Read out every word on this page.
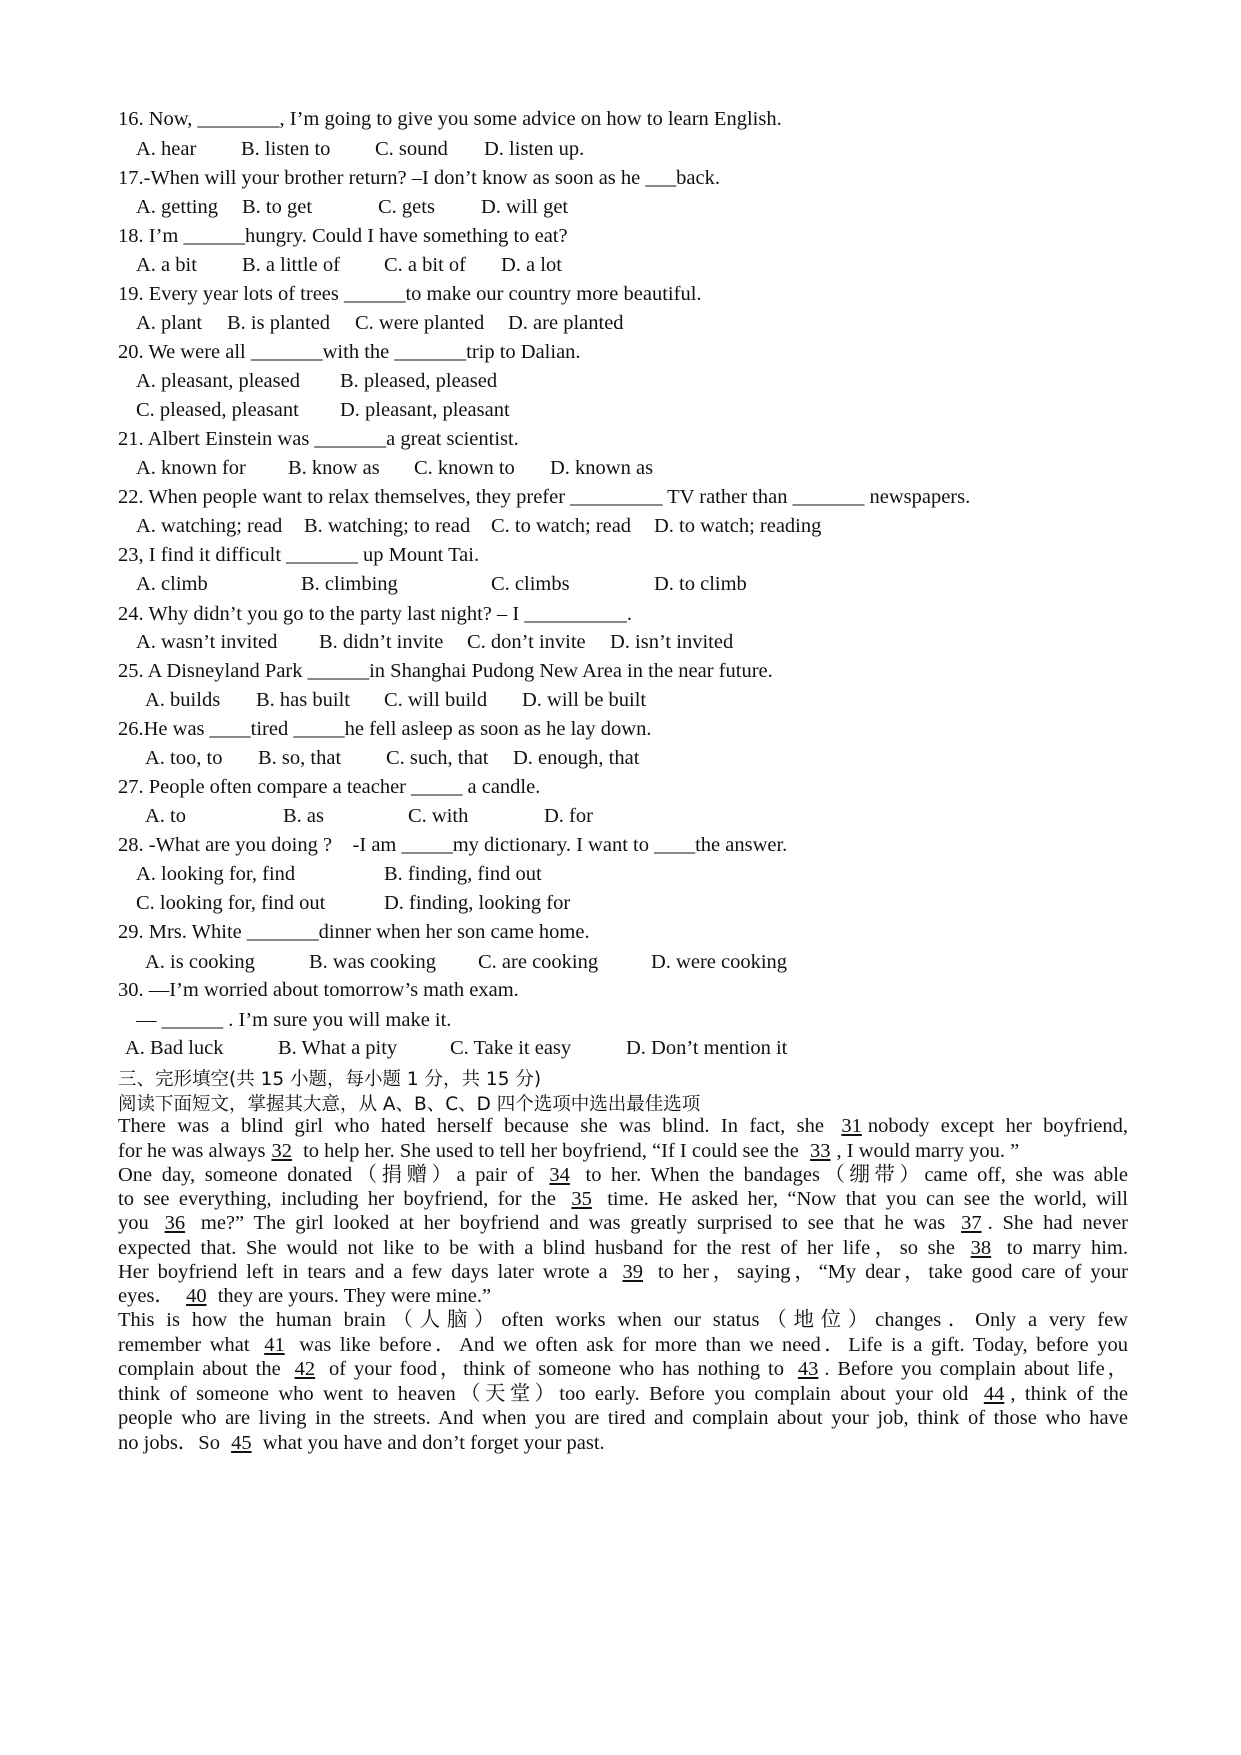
16. Now, ________, I’m going to give you some advice on how to learn English.
A. hear B. listen to C. sound D. listen up.
17.-When will your brother return? –I don’t know as soon as he ___back.
A. getting B. to get	C. gets D. will get
18. I’m ______hungry. Could I have something to eat?
A. a bit B. a little of C. a bit of D. a lot
19. Every year lots of trees ______to make our country more beautiful.
A. plant B. is planted C. were planted D. are planted
20. We were all _______with the _______trip to Dalian.
A. pleasant, pleased B. pleased, pleased
C. pleased, pleasant D. pleasant, pleasant
21. Albert Einstein was _______a great scientist.
A. known for B. know as C. known to D. known as
22. When people want to relax themselves, they prefer _________ TV rather than _______ newspapers.
A. watching; read B. watching; to read C. to watch; read D. to watch; reading
23, I find it difficult _______ up Mount Tai.
A. climb	B. climbing	C. climbs	D. to climb
24. Why didn’t you go to the party last night? – I __________.
A. wasn’t invited B. didn’t invite C. don’t invite D. isn’t invited
25. A Disneyland Park ______in Shanghai Pudong New Area in the near future.
A. builds B. has built C. will build D. will be built
26.He was ____tired _____he fell asleep as soon as he lay down.
A. too, to B. so, that C. such, that D. enough, that
27. People often compare a teacher _____ a candle.
A. to	B. as	C. with	D. for
28. -What are you doing ?    -I am _____my dictionary. I want to ____the answer.
A. looking for, find	B. finding, find out
C. looking for, find out	D. finding, looking for
29. Mrs. White _______dinner when her son came home.
A. is cooking	B. was cooking C. are cooking	D. were cooking
30. —I’m worried about tomorrow’s math exam.
— ______ . I’m sure you will make it.
A. Bad luck	B. What a pity	C. Take it easy	D. Don’t mention it
三、完形填空(共 15 小题，每小题 1 分，共 15 分)
阅读下面短文，掌握其大意，从 A、B、C、D 四个选项中选出最佳选项
There was a blind girl who hated herself because she was blind. In fact, she 31 nobody except her boyfriend,
for he was always 32 to help her. She used to tell her boyfriend, “If I could see the 33 , I would marry you. ”
One day, someone donated（捐赠）a pair of 34 to her. When the bandages（绷带）came off, she was able
to see everything, including her boyfriend, for the 35 time. He asked her, “Now that you can see the world, will
you 36 me?” The girl looked at her boyfriend and was greatly surprised to see that he was 37 . She had never
expected that. She would not like to be with a blind husband for the rest of her life，so she 38 to marry him.
Her boyfriend left in tears and a few days later wrote a 39 to her，saying，“My dear，take good care of your
eyes． 40 they are yours. They were mine.”
This is how the human brain（人脑）often works when our status（地位）changes．Only a very few
remember what 41 was like before．And we often ask for more than we need．Life is a gift. Today, before you
complain about the 42 of your food，think of someone who has nothing to 43 . Before you complain about life，
think of someone who went to heaven（天堂）too early. Before you complain about your old 44 , think of the
people who are living in the streets. And when you are tired and complain about your job, think of those who have
no jobs．So 45 what you have and don’t forget your past.
